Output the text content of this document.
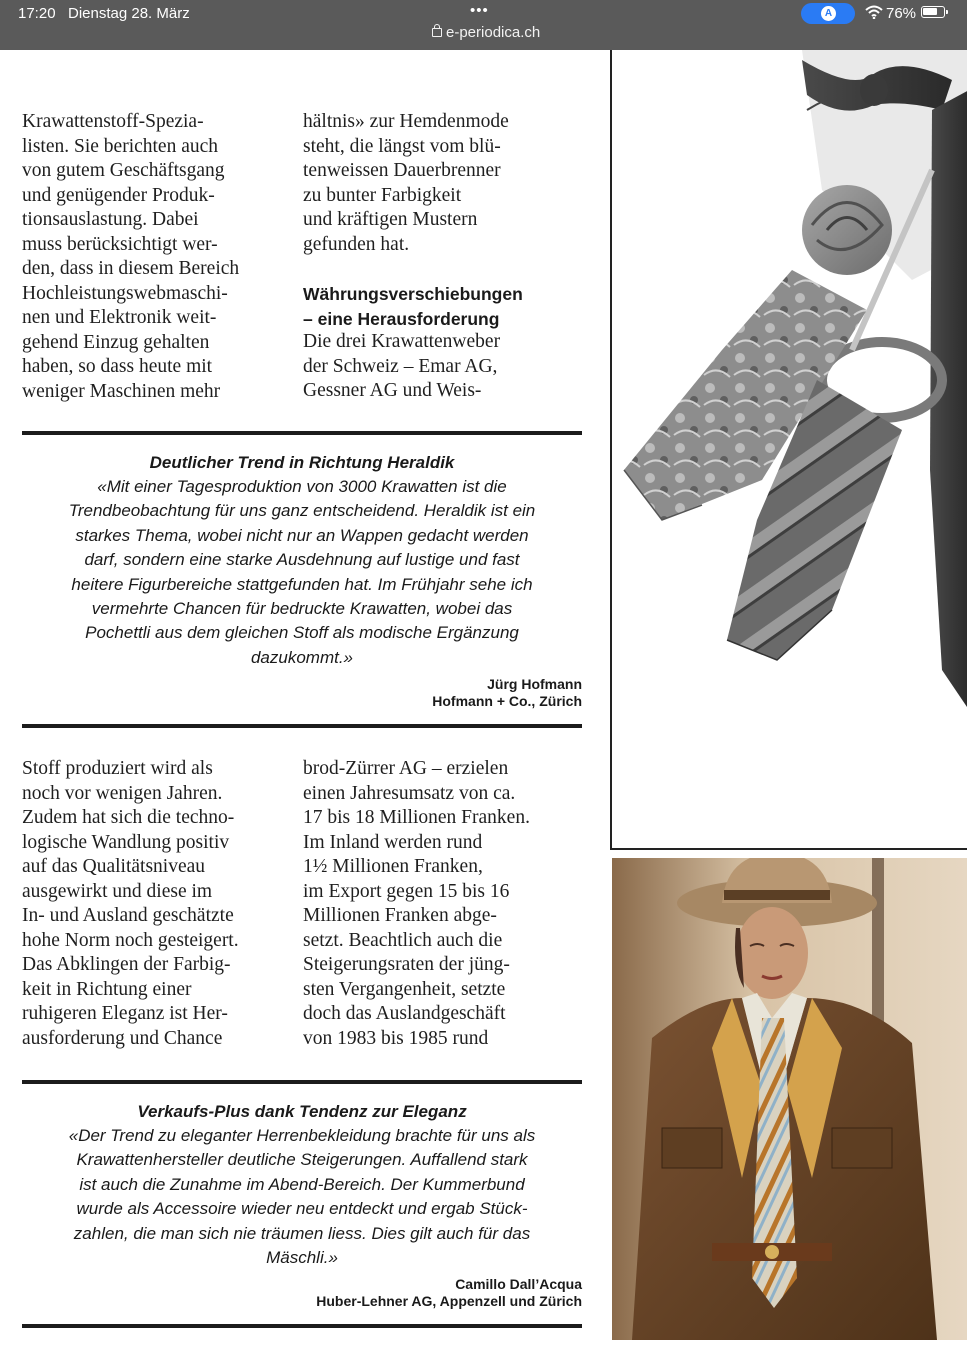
17:20 Dienstag 28. März	•••
e-periodica.ch
A	76%
Krawattenstoff-Spezia-
listen. Sie berichten auch
von gutem Geschäftsgang
und genügender Produk-
tionsauslastung. Dabei
muss berücksichtigt wer-
den, dass in diesem Bereich
Hochleistungswebmaschi-
nen und Elektronik weit-
gehend Einzug gehalten
haben, so dass heute mit
weniger Maschinen mehr
hältnis» zur Hemdenmode
steht, die längst vom blü-
tenweissen Dauerbrenner
zu bunter Farbigkeit
und kräftigen Mustern
gefunden hat.
Währungsverschiebungen
– eine Herausforderung
Die drei Krawattenweber
der Schweiz – Emar AG,
Gessner AG und Weis-
Deutlicher Trend in Richtung Heraldik
«Mit einer Tagesproduktion von 3000 Krawatten ist die
Trendbeobachtung für uns ganz entscheidend. Heraldik ist ein
starkes Thema, wobei nicht nur an Wappen gedacht werden
darf, sondern eine starke Ausdehnung auf lustige und fast
heitere Figurbereiche stattgefunden hat. Im Frühjahr sehe ich
vermehrte Chancen für bedruckte Krawatten, wobei das
Pochettli aus dem gleichen Stoff als modische Ergänzung
dazukommt.»
Jürg Hofmann
Hofmann + Co., Zürich
Stoff produziert wird als
noch vor wenigen Jahren.
Zudem hat sich die techno-
logische Wandlung positiv
auf das Qualitätsniveau
ausgewirkt und diese im
In- und Ausland geschätzte
hohe Norm noch gesteigert.
Das Abklingen der Farbig-
keit in Richtung einer
ruhigeren Eleganz ist Her-
ausforderung und Chance
brod-Zürrer AG – erzielen
einen Jahresumsatz von ca.
17 bis 18 Millionen Franken.
Im Inland werden rund
1½ Millionen Franken,
im Export gegen 15 bis 16
Millionen Franken abge-
setzt. Beachtlich auch die
Steigerungsraten der jüng-
sten Vergangenheit, setzte
doch das Auslandgeschäft
von 1983 bis 1985 rund
Verkaufs-Plus dank Tendenz zur Eleganz
«Der Trend zu eleganter Herrenbekleidung brachte für uns als
Krawattenhersteller deutliche Steigerungen. Auffallend stark
ist auch die Zunahme im Abend-Bereich. Der Kummerbund
wurde als Accessoire wieder neu entdeckt und ergab Stück-
zahlen, die man sich nie träumen liess. Dies gilt auch für das
Mäschli.»
Camillo Dall’Acqua
Huber-Lehner AG, Appenzell und Zürich
